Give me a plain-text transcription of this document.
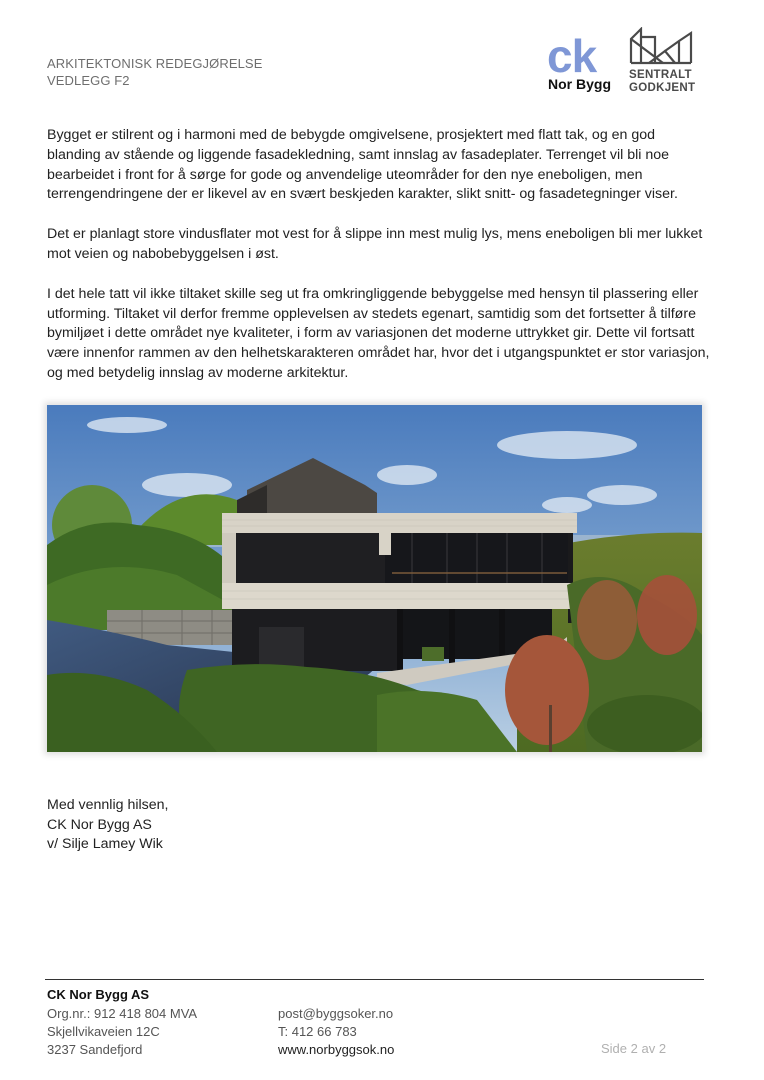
ARKITEKTONISK REDEGJØRELSE
VEDLEGG F2	ck
Nor Bygg
SENTRALT
GODKJENT

Bygget er stilrent og i harmoni med de bebygde omgivelsene, prosjektert med flatt tak, og en god blanding av stående og liggende fasadekledning, samt innslag av fasadeplater. Terrenget vil bli noe bearbeidet i front for å sørge for gode og anvendelige uteområder for den nye eneboligen, men terrengendringene der er likevel av en svært beskjeden karakter, slikt snitt- og fasadetegninger viser.

Det er planlagt store vindusflater mot vest for å slippe inn mest mulig lys, mens eneboligen bli mer lukket mot veien og nabobebyggelsen i øst.

I det hele tatt vil ikke tiltaket skille seg ut fra omkringliggende bebyggelse med hensyn til plassering eller utforming. Tiltaket vil derfor fremme opplevelsen av stedets egenart, samtidig som det fortsetter å tilføre bymiljøet i dette området nye kvaliteter, i form av variasjonen det moderne uttrykket gir. Dette vil fortsatt være innenfor rammen av den helhetskarakteren området har, hvor det i utgangspunktet er stor variasjon, og med betydelig innslag av moderne arkitektur.

Med vennlig hilsen,
CK Nor Bygg AS
v/ Silje Lamey Wik
CK Nor Bygg AS
Org.nr.: 912 418 804 MVA
Skjellvikaveien 12C
3237 Sandefjord
post@byggsoker.no
T: 412 66 783
www.norbyggsok.no	Side 2 av 2
